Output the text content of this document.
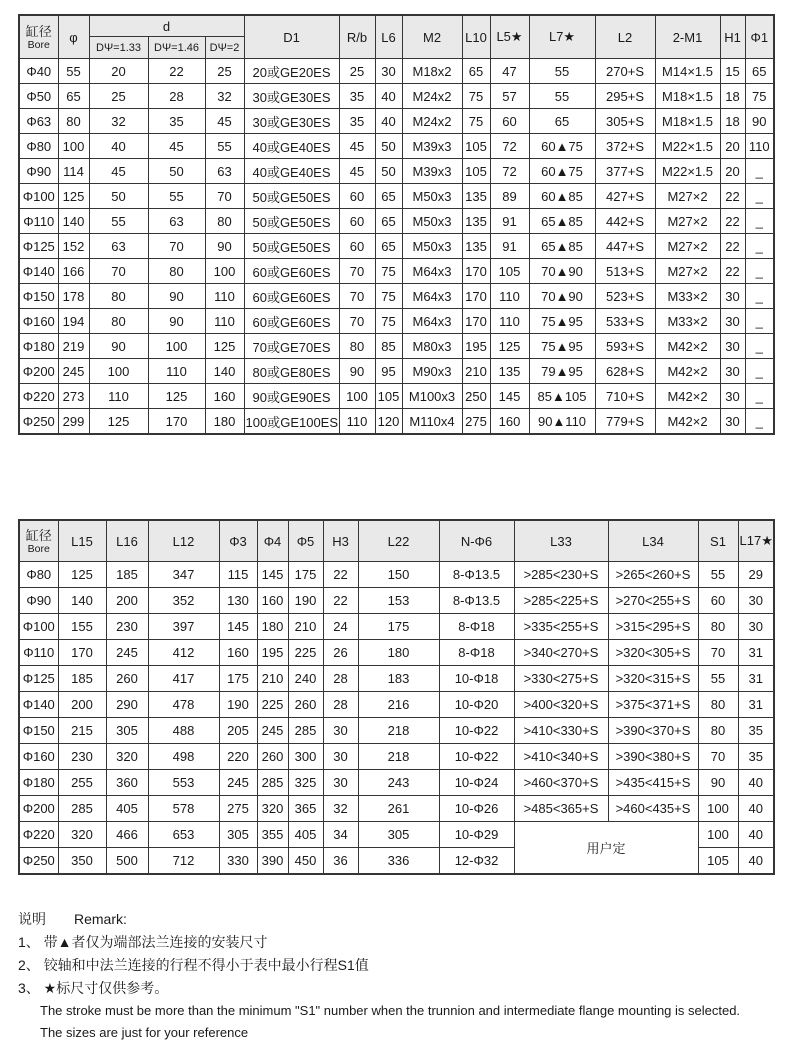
缸径
Bore	φ	d			D1	R/b	L6	M2	L10	L5★	L7★	L2	2-M1	H1	Φ1
		DΨ=1.33	DΨ=1.46	DΨ=2											
Φ40	55	20	22	25	20或GE20ES	25	30	M18x2	65	47	55	270+S	M14×1.5	15	65
Φ50	65	25	28	32	30或GE30ES	35	40	M24x2	75	57	55	295+S	M18×1.5	18	75
Φ63	80	32	35	45	30或GE30ES	35	40	M24x2	75	60	65	305+S	M18×1.5	18	90
Φ80	100	40	45	55	40或GE40ES	45	50	M39x3	105	72	60▲75	372+S	M22×1.5	20	110
Φ90	114	45	50	63	40或GE40ES	45	50	M39x3	105	72	60▲75	377+S	M22×1.5	20	_
Φ100	125	50	55	70	50或GE50ES	60	65	M50x3	135	89	60▲85	427+S	M27×2	22	_
Φ110	140	55	63	80	50或GE50ES	60	65	M50x3	135	91	65▲85	442+S	M27×2	22	_
Φ125	152	63	70	90	50或GE50ES	60	65	M50x3	135	91	65▲85	447+S	M27×2	22	_
Φ140	166	70	80	100	60或GE60ES	70	75	M64x3	170	105	70▲90	513+S	M27×2	22	_
Φ150	178	80	90	110	60或GE60ES	70	75	M64x3	170	110	70▲90	523+S	M33×2	30	_
Φ160	194	80	90	110	60或GE60ES	70	75	M64x3	170	110	75▲95	533+S	M33×2	30	_
Φ180	219	90	100	125	70或GE70ES	80	85	M80x3	195	125	75▲95	593+S	M42×2	30	_
Φ200	245	100	110	140	80或GE80ES	90	95	M90x3	210	135	79▲95	628+S	M42×2	30	_
Φ220	273	110	125	160	90或GE90ES	100	105	M100x3	250	145	85▲105	710+S	M42×2	30	_
Φ250	299	125	170	180	100或GE100ES	110	120	M110x4	275	160	90▲110	779+S	M42×2	30	_
缸径
Bore	L15	L16	L12	Φ3	Φ4	Φ5	H3	L22	N-Φ6	L33	L34	S1	L17★
Φ80	125	185	347	115	145	175	22	150	8-Φ13.5	>285<230+S	>265<260+S	55	29
Φ90	140	200	352	130	160	190	22	153	8-Φ13.5	>285<225+S	>270<255+S	60	30
Φ100	155	230	397	145	180	210	24	175	8-Φ18	>335<255+S	>315<295+S	80	30
Φ110	170	245	412	160	195	225	26	180	8-Φ18	>340<270+S	>320<305+S	70	31
Φ125	185	260	417	175	210	240	28	183	10-Φ18	>330<275+S	>320<315+S	55	31
Φ140	200	290	478	190	225	260	28	216	10-Φ20	>400<320+S	>375<371+S	80	31
Φ150	215	305	488	205	245	285	30	218	10-Φ22	>410<330+S	>390<370+S	80	35
Φ160	230	320	498	220	260	300	30	218	10-Φ22	>410<340+S	>390<380+S	70	35
Φ180	255	360	553	245	285	325	30	243	10-Φ24	>460<370+S	>435<415+S	90	40
Φ200	285	405	578	275	320	365	32	261	10-Φ26	>485<365+S	>460<435+S	100	40
Φ220	320	466	653	305	355	405	34	305	10-Φ29	用户定		100	40
Φ250	350	500	712	330	390	450	36	336	12-Φ32			105	40
说明 Remark:
1、 带▲者仅为端部法兰连接的安装尺寸
2、 铰轴和中法兰连接的行程不得小于表中最小行程S1值
3、 ★标尺寸仅供参考。
The stroke must be more than the minimum "S1" number when the trunnion and intermediate flange mounting is selected.
The sizes are just for your reference
